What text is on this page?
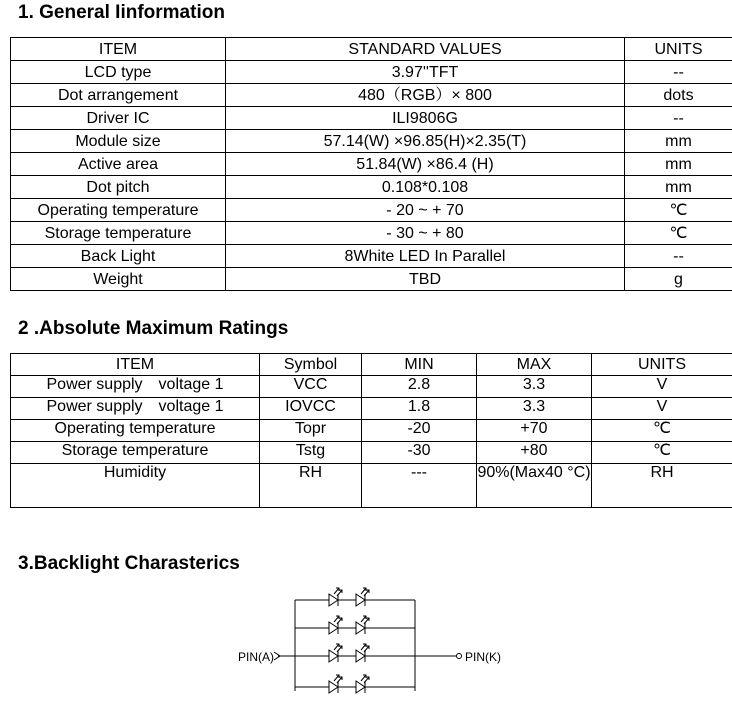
1. General Iinformation
ITEM	STANDARD VALUES	UNITS
LCD type	3.97''TFT	--
Dot arrangement	480（RGB）× 800	dots
Driver IC	ILI9806G	--
Module size	57.14(W) ×96.85(H)×2.35(T)	mm
Active area	51.84(W) ×86.4 (H)	mm
Dot pitch	0.108*0.108	mm
Operating temperature	- 20 ~ + 70	℃
Storage temperature	- 30 ~ + 80	℃
Back Light	8White LED In Parallel	--
Weight	TBD	g
2 .Absolute Maximum Ratings
ITEM	Symbol	MIN	MAX	UNITS
Power supply　voltage 1	VCC	2.8	3.3	V
Power supply　voltage 1	IOVCC	1.8	3.3	V
Operating temperature	Topr	-20	+70	℃
Storage temperature	Tstg	-30	+80	℃
Humidity	RH	---	90%(Max40 °C)	RH
3.Backlight Charasterics
PIN(A)	PIN(K)
